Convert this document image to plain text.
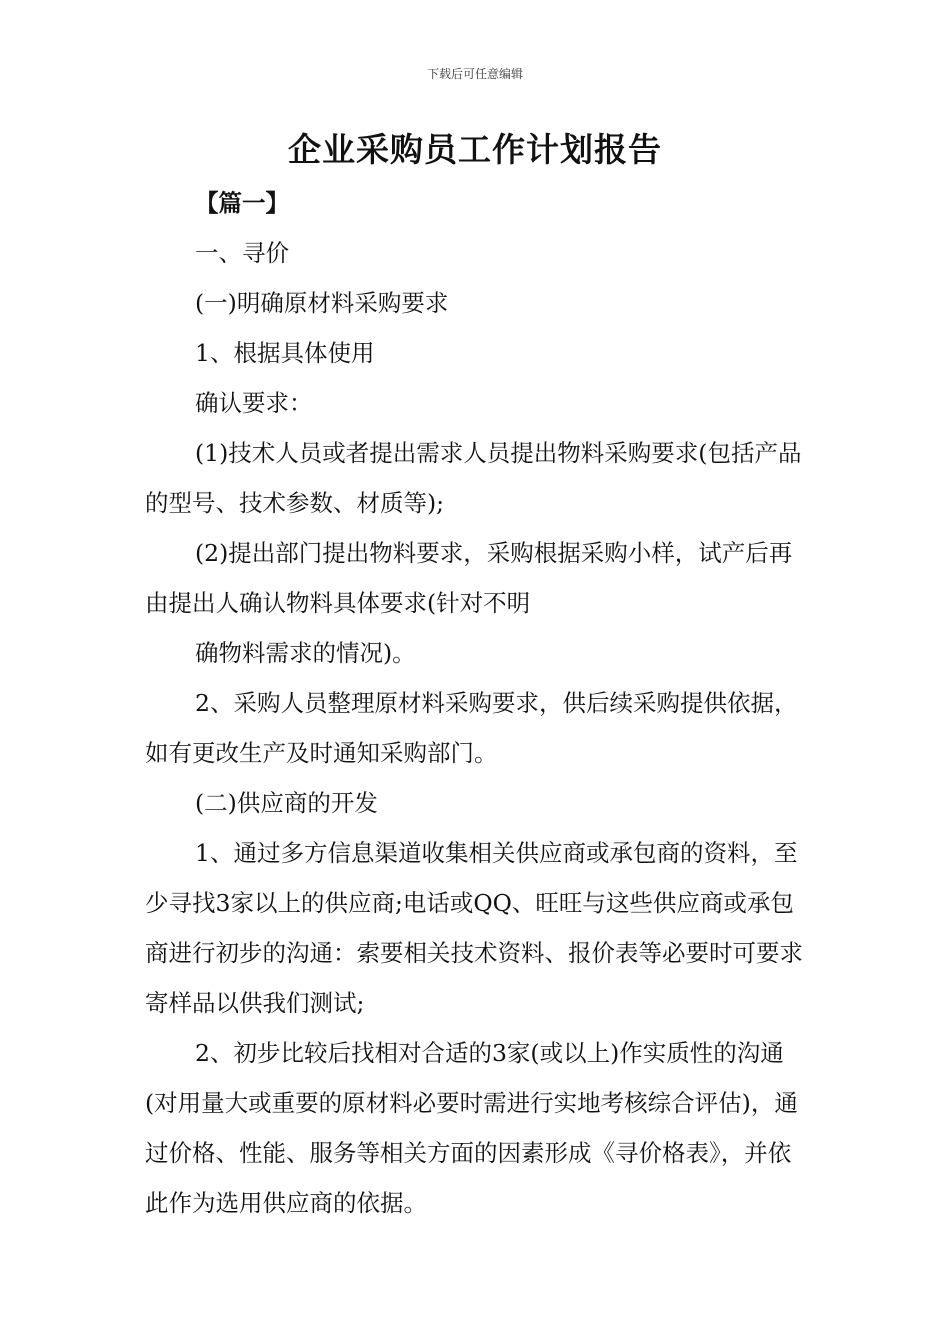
下载后可任意编辑
企业采购员工作计划报告

【篇一】

一、寻价

(一)明确原材料采购要求

1、根据具体使用

确认要求：

(1)技术人员或者提出需求人员提出物料采购要求(包括产品的型号、技术参数、材质等);

(2)提出部门提出物料要求，采购根据采购小样，试产后再由提出人确认物料具体要求(针对不明

确物料需求的情况)。

2、采购人员整理原材料采购要求，供后续采购提供依据，如有更改生产及时通知采购部门。

(二)供应商的开发

1、通过多方信息渠道收集相关供应商或承包商的资料，至少寻找3家以上的供应商;电话或QQ、旺旺与这些供应商或承包商进行初步的沟通：索要相关技术资料、报价表等必要时可要求寄样品以供我们测试;

2、初步比较后找相对合适的3家(或以上)作实质性的沟通(对用量大或重要的原材料必要时需进行实地考核综合评估)，通过价格、性能、服务等相关方面的因素形成《寻价格表》，并依此作为选用供应商的依据。
